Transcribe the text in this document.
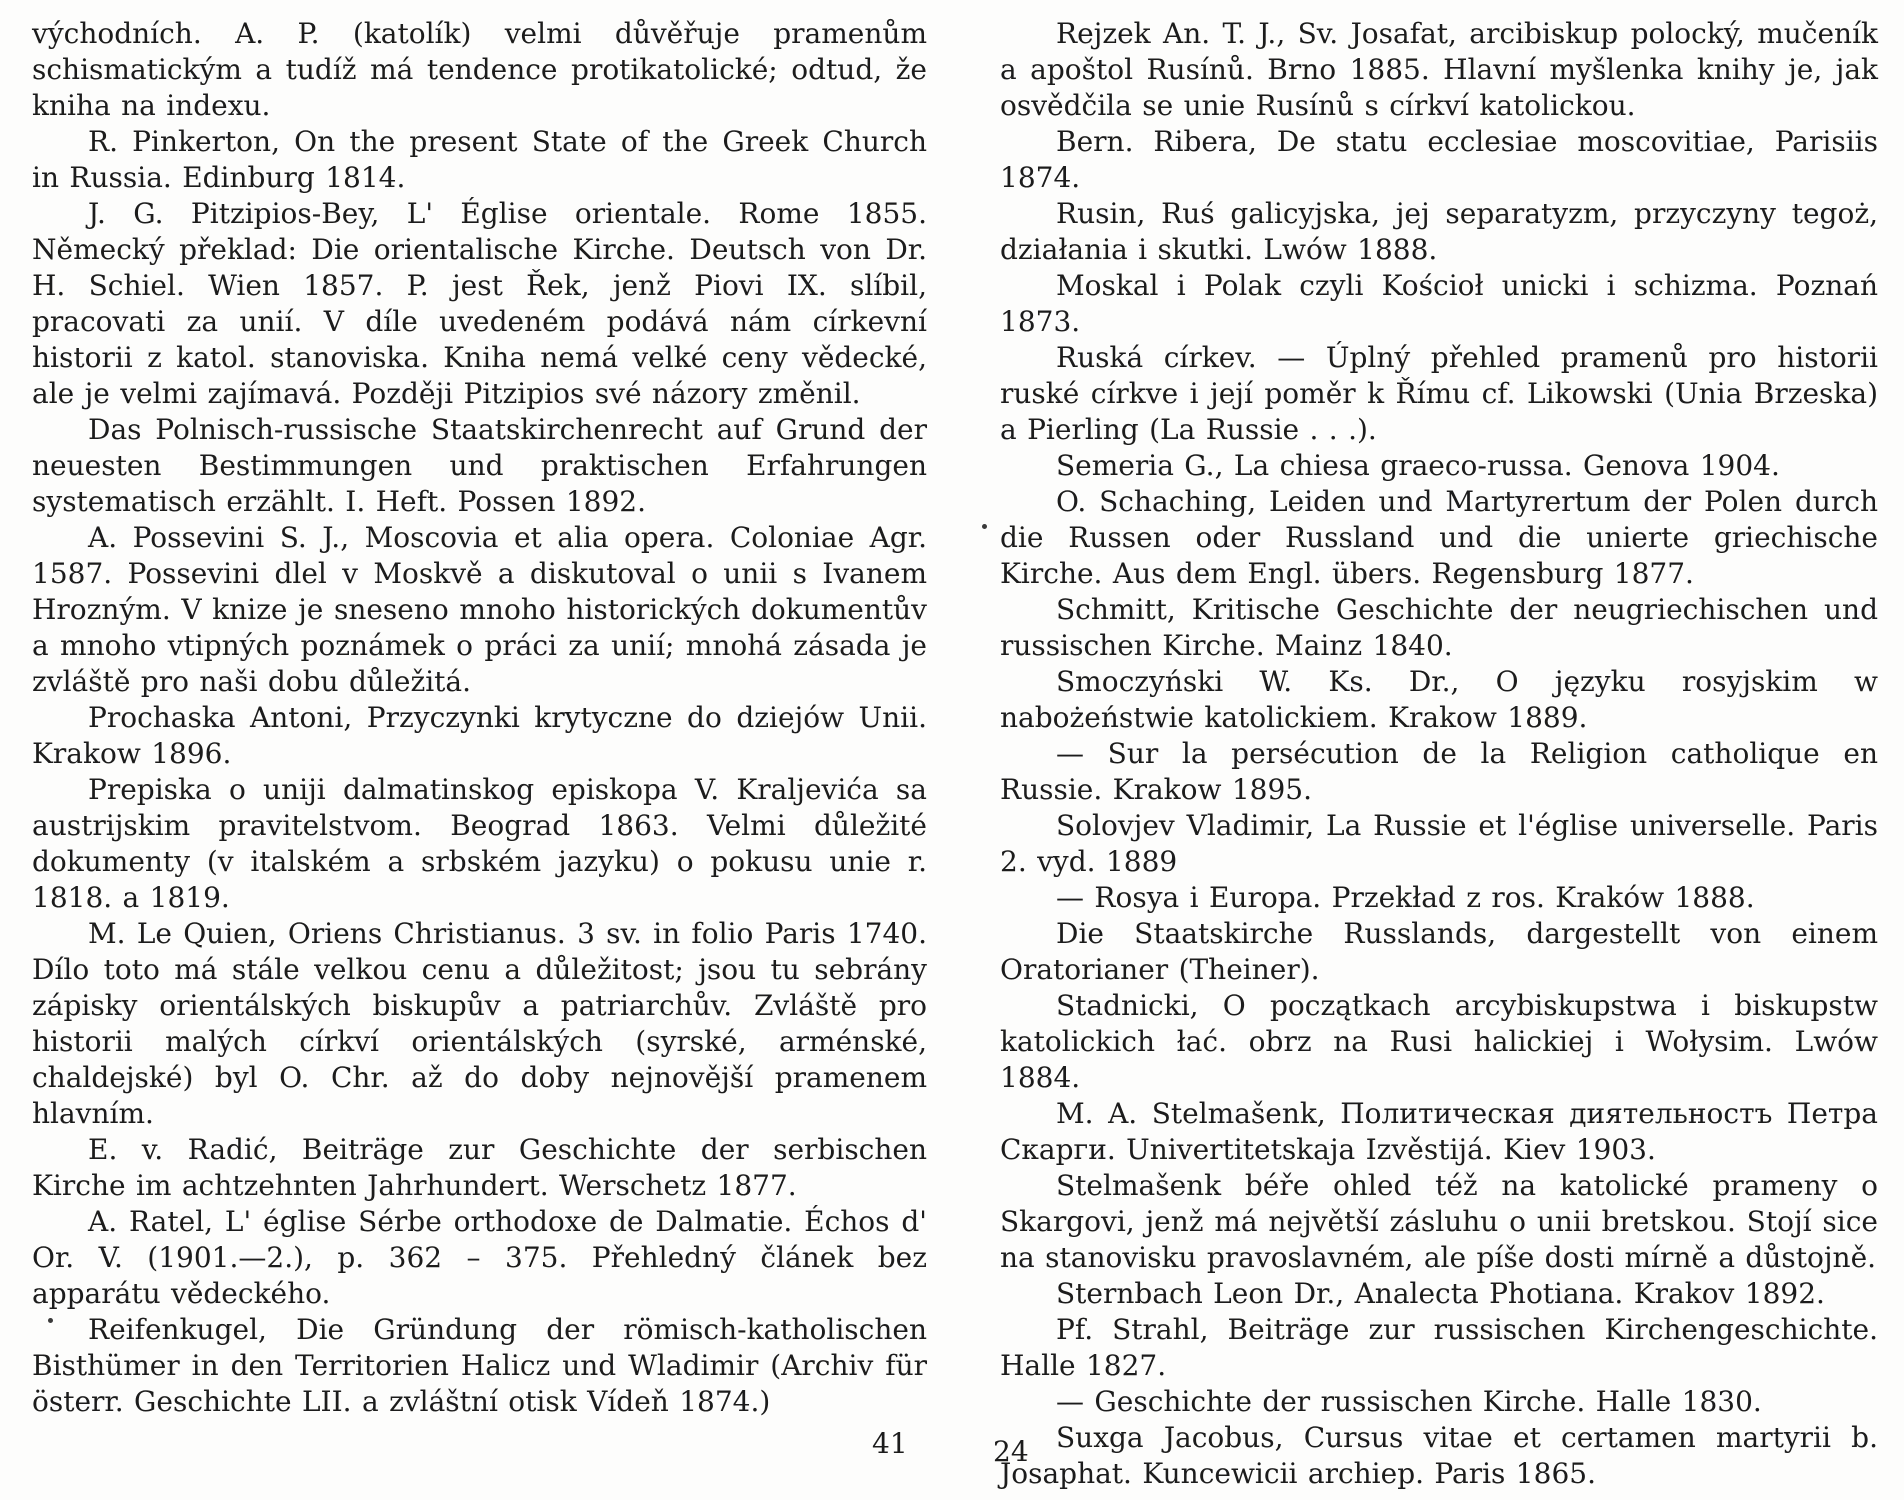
východních. A. P. (katolík) velmi důvěřuje pramenům schismatickým a tudíž má tendence protikatolické; odtud, že kniha na indexu.

R. Pinkerton, On the present State of the Greek Church in Russia. Edinburg 1814.

J. G. Pitzipios-Bey, L' Église orientale. Rome 1855. Německý překlad: Die orientalische Kirche. Deutsch von Dr. H. Schiel. Wien 1857. P. jest Řek, jenž Piovi IX. slíbil, pracovati za unií. V díle uvedeném podává nám církevní historii z katol. stanoviska. Kniha nemá velké ceny vědecké, ale je velmi zajímavá. Později Pitzipios své názory změnil.

Das Polnisch-russische Staatskirchenrecht auf Grund der neuesten Bestimmungen und praktischen Erfahrungen systematisch erzählt. I. Heft. Possen 1892.

A. Possevini S. J., Moscovia et alia opera. Coloniae Agr. 1587. Possevini dlel v Moskvě a diskutoval o unii s Ivanem Hrozným. V knize je sneseno mnoho historických dokumentův a mnoho vtipných poznámek o práci za unií; mnohá zásada je zvláště pro naši dobu důležitá.

Prochaska Antoni, Przyczynki krytyczne do dziejów Unii. Krakow 1896.

Prepiska o uniji dalmatinskog episkopa V. Kraljevića sa austrijskim pravitelstvom. Beograd 1863. Velmi důležité dokumenty (v italském a srbském jazyku) o pokusu unie r. 1818. a 1819.

M. Le Quien, Oriens Christianus. 3 sv. in folio Paris 1740. Dílo toto má stále velkou cenu a důležitost; jsou tu sebrány zápisky orientálských biskupův a patriarchův. Zvláště pro historii malých církví orientálských (syrské, arménské, chaldejské) byl O. Chr. až do doby nejnovější pramenem hlavním.

E. v. Radić, Beiträge zur Geschichte der serbischen Kirche im achtzehnten Jahrhundert. Werschetz 1877.

A. Ratel, L' église Sérbe orthodoxe de Dalmatie. Échos d' Or. V. (1901.—2.), p. 362 – 375. Přehledný článek bez apparátu vědeckého.

Reifenkugel, Die Gründung der römisch-katholischen Bisthümer in den Territorien Halicz und Wladimir (Archiv für österr. Geschichte LII. a zvláštní otisk Vídeň 1874.)

Rejzek An. T. J., Sv. Josafat, arcibiskup polocký, mučeník a apoštol Rusínů. Brno 1885. Hlavní myšlenka knihy je, jak osvědčila se unie Rusínů s církví katolickou.

Bern. Ribera, De statu ecclesiae moscovitiae, Parisiis 1874.

Rusin, Ruś galicyjska, jej separatyzm, przyczyny tegoż, działania i skutki. Lwów 1888.

Moskal i Polak czyli Kościoł unicki i schizma. Poznań 1873.

Ruská církev. — Úplný přehled pramenů pro historii ruské církve i její poměr k Římu cf. Likowski (Unia Brzeska) a Pierling (La Russie . . .).

Semeria G., La chiesa graeco-russa. Genova 1904.

O. Schaching, Leiden und Martyrertum der Polen durch die Russen oder Russland und die unierte griechische Kirche. Aus dem Engl. übers. Regensburg 1877.

Schmitt, Kritische Geschichte der neugriechischen und russischen Kirche. Mainz 1840.

Smoczyński W. Ks. Dr., O języku rosyjskim w nabożeństwie katolickiem. Krakow 1889.

— Sur la persécution de la Religion catholique en Russie. Krakow 1895.

Solovjev Vladimir, La Russie et l'église universelle. Paris 2. vyd. 1889

— Rosya i Europa. Przekład z ros. Kraków 1888.

Die Staatskirche Russlands, dargestellt von einem Oratorianer (Theiner).

Stadnicki, O początkach arcybiskupstwa i biskupstw katolickich łać. obrz na Rusi halickiej i Wołysim. Lwów 1884.

M. A. Stelmašenk, Политическая диятельностъ Петра Скарги. Univertitetskaja Izvěstijá. Kiev 1903.

Stelmašenk béře ohled též na katolické prameny o Skargovi, jenž má největší zásluhu o unii bretskou. Stojí sice na stanovisku pravoslavném, ale píše dosti mírně a důstojně.

Sternbach Leon Dr., Analecta Photiana. Krakov 1892.

Pf. Strahl, Beiträge zur russischen Kirchengeschichte. Halle 1827.

— Geschichte der russischen Kirche. Halle 1830.

Suxga Jacobus, Cursus vitae et certamen martyrii b. Josaphat. Kuncewicii archiep. Paris 1865.

41	24
